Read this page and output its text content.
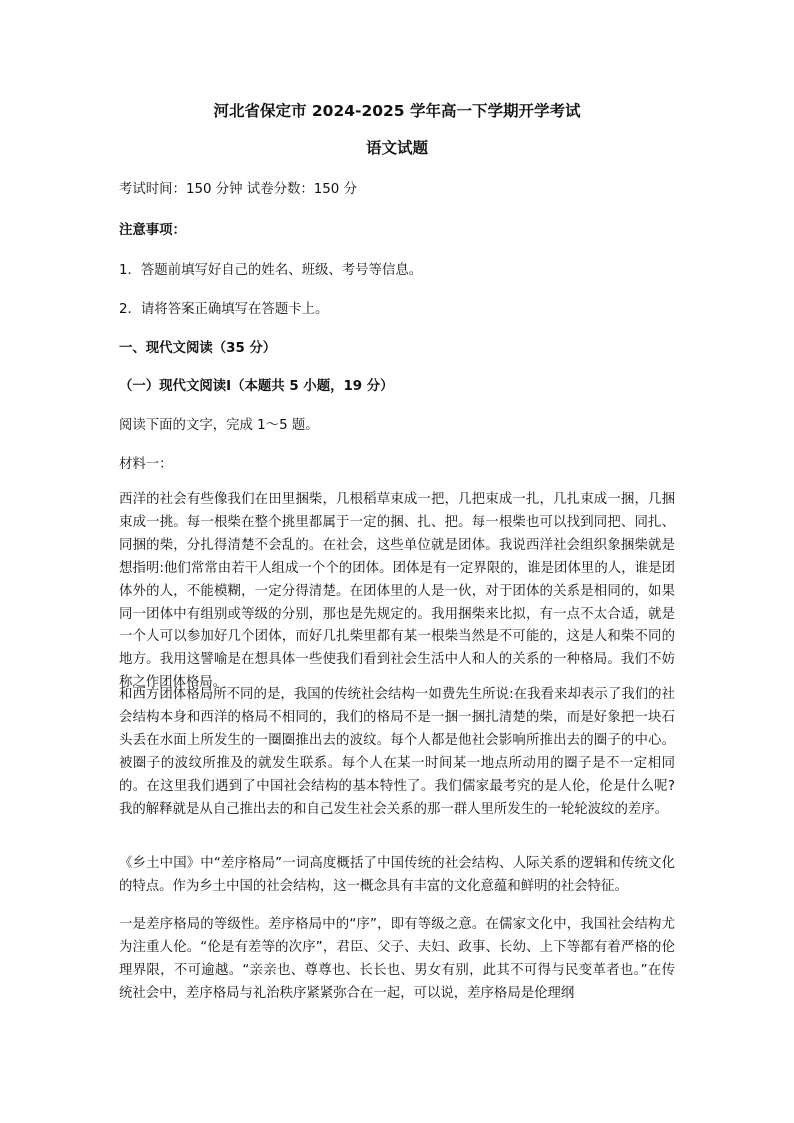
河北省保定市 2024-2025 学年高一下学期开学考试

语文试题

考试时间：150 分钟 试卷分数：150 分

注意事项：

1．答题前填写好自己的姓名、班级、考号等信息。

2．请将答案正确填写在答题卡上。

一、现代文阅读（35 分）

（一）现代文阅读Ⅰ（本题共 5 小题，19 分）

阅读下面的文字，完成 1～5 题。

材料一：

西洋的社会有些像我们在田里捆柴，几根稻草束成一把，几把束成一扎，几扎束成一捆，几捆束成一挑。每一根柴在整个挑里都属于一定的捆、扎、把。每一根柴也可以找到同把、同扎、同捆的柴，分扎得清楚不会乱的。在社会，这些单位就是团体。我说西洋社会组织象捆柴就是想指明:他们常常由若干人组成一个个的团体。团体是有一定界限的，谁是团体里的人，谁是团体外的人，不能模糊，一定分得清楚。在团体里的人是一伙，对于团体的关系是相同的，如果同一团体中有组别或等级的分别，那也是先规定的。我用捆柴来比拟，有一点不太合适，就是一个人可以参加好几个团体，而好几扎柴里都有某一根柴当然是不可能的，这是人和柴不同的地方。我用这譬喻是在想具体一些使我们看到社会生活中人和人的关系的一种格局。我们不妨称之作团体格局。

和西方团体格局所不同的是，我国的传统社会结构一如费先生所说:在我看来却表示了我们的社会结构本身和西洋的格局不相同的，我们的格局不是一捆一捆扎清楚的柴，而是好象把一块石头丢在水面上所发生的一圈圈推出去的波纹。每个人都是他社会影响所推出去的圈子的中心。被圈子的波纹所推及的就发生联系。每个人在某一时间某一地点所动用的圈子是不一定相同的。在这里我们遇到了中国社会结构的基本特性了。我们儒家最考究的是人伦，伦是什么呢?我的解释就是从自己推出去的和自己发生社会关系的那一群人里所发生的一轮轮波纹的差序。

《乡土中国》中“差序格局”一词高度概括了中国传统的社会结构、人际关系的逻辑和传统文化的特点。作为乡土中国的社会结构，这一概念具有丰富的文化意蕴和鲜明的社会特征。

一是差序格局的等级性。差序格局中的“序”，即有等级之意。在儒家文化中，我国社会结构尤为注重人伦。“伦是有差等的次序”，君臣、父子、夫妇、政事、长幼、上下等都有着严格的伦理界限，不可逾越。“亲亲也、尊尊也、长长也、男女有别，此其不可得与民变革者也。”在传统社会中，差序格局与礼治秩序紧紧弥合在一起，可以说，差序格局是伦理纲
